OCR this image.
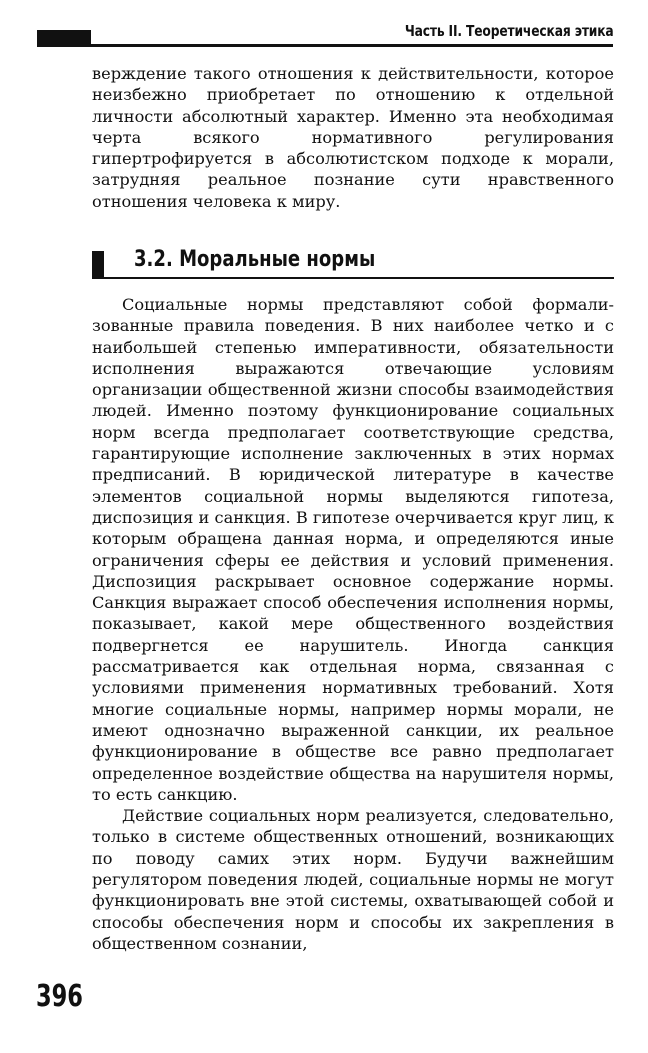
Часть II. Теоретическая этика

верждение такого отношения к действительности, которое неизбежно приобретает по отношению к отдельной личности абсолютный характер. Именно эта необходимая черта всякого нормативного регулирования гипертрофируется в абсолютистском подходе к морали, затрудняя реальное познание сути нравственного отношения человека к миру.

3.2. Моральные нормы

Социальные нормы представляют собой формализованные правила поведения. В них наиболее четко и с наибольшей степенью императивности, обязательности исполнения выражаются отвечающие условиям организации общественной жизни способы взаимодействия людей. Именно поэтому функционирование социальных норм всегда предполагает соответствующие средства, гарантирующие исполнение заключенных в этих нормах предписаний. В юридической литературе в качестве элементов социальной нормы выделяются гипотеза, диспозиция и санкция. В гипотезе очерчивается круг лиц, к которым обращена данная норма, и определяются иные ограничения сферы ее действия и условий применения. Диспозиция раскрывает основное содержание нормы. Санкция выражает способ обеспечения исполнения нормы, показывает, какой мере общественного воздействия подвергнется ее нарушитель. Иногда санкция рассматривается как отдельная норма, связанная с условиями применения нормативных требований. Хотя многие социальные нормы, например нормы морали, не имеют однозначно выраженной санкции, их реальное функционирование в обществе все равно предполагает определенное воздействие общества на нарушителя нормы, то есть санкцию.

Действие социальных норм реализуется, следовательно, только в системе общественных отношений, возникающих по поводу самих этих норм. Будучи важнейшим регулятором поведения людей, социальные нормы не могут функционировать вне этой системы, охватывающей собой и способы обеспечения норм и способы их закрепления в общественном сознании,

396
